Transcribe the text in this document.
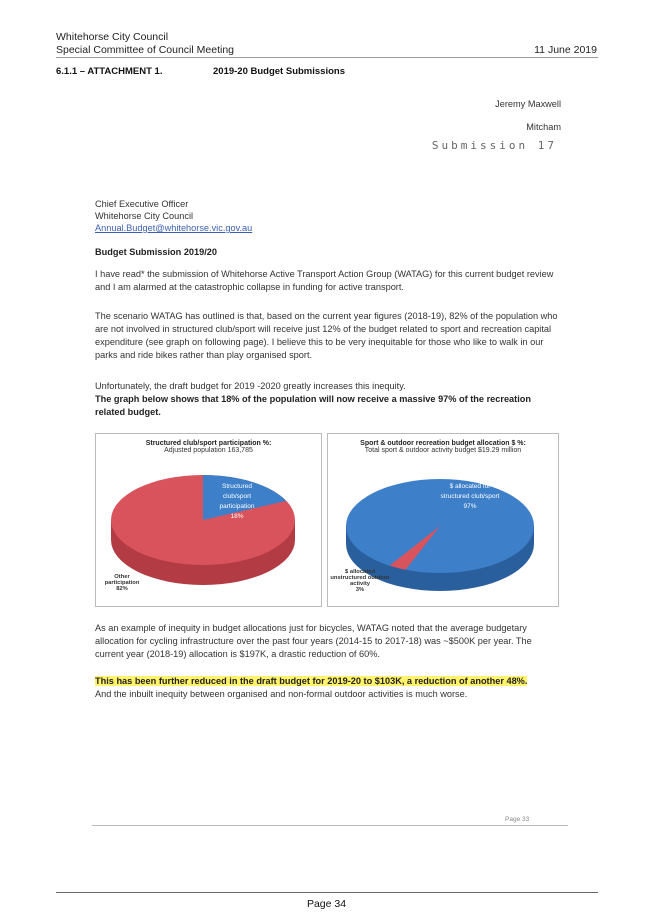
Whitehorse City Council
Special Committee of Council Meeting	11 June 2019
6.1.1 – ATTACHMENT 1.	2019-20 Budget Submissions
Jeremy Maxwell
Mitcham
Submission 17
Chief Executive Officer
Whitehorse City Council
Annual.Budget@whitehorse.vic.gov.au
Budget Submission 2019/20
I have read* the submission of Whitehorse Active Transport Action Group (WATAG) for this current budget review and I am alarmed at the catastrophic collapse in funding for active transport.
The scenario WATAG has outlined is that, based on the current year figures (2018-19), 82% of the population who are not involved in structured club/sport will receive just 12% of the budget related to sport and recreation capital expenditure (see graph on following page). I believe this to be very inequitable for those who like to walk in our parks and ride bikes rather than play organised sport.
Unfortunately, the draft budget for 2019 -2020 greatly increases this inequity.
The graph below shows that 18% of the population will now receive a massive 97% of the recreation related budget.
Structured club/sport participation %:
Adjusted population 163,785
Structured club/sport participation
18%
Other participation
82%
Sport & outdoor recreation budget allocation $ %:
Total sport & outdoor activity budget $19.29 million
$ allocated for structured club/sport
97%
$ allocated unstructured outdoor activity
3%
As an example of inequity in budget allocations just for bicycles, WATAG noted that the average budgetary allocation for cycling infrastructure over the past four years (2014-15 to 2017-18) was ~$500K per year. The current year (2018-19) allocation is $197K, a drastic reduction of 60%.
This has been further reduced in the draft budget for 2019-20 to $103K, a reduction of another 48%.
And the inbuilt inequity between organised and non-formal outdoor activities is much worse.
Page 33
Page 34
